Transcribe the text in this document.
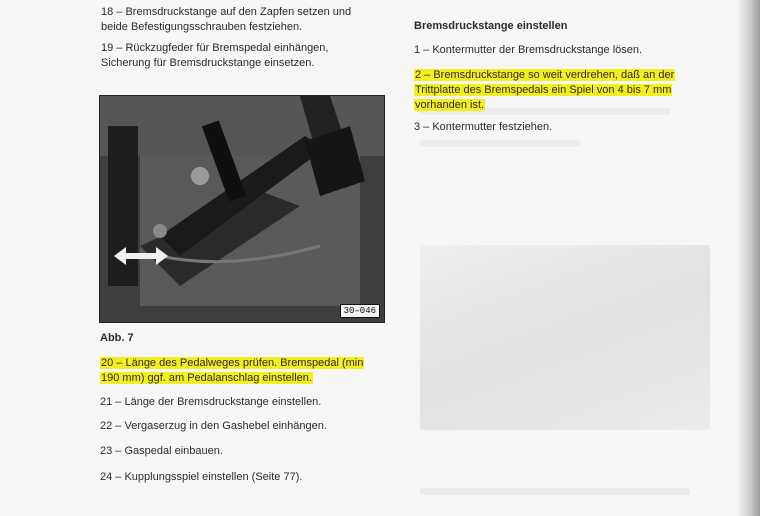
18 – Bremsdruckstange auf den Zapfen setzen und beide Befestigungsschrauben festziehen.
19 – Rückzugfeder für Bremspedal einhängen, Sicherung für Bremsdruckstange einsetzen.
30–046
Abb. 7
20 – Länge des Pedalweges prüfen. Bremspedal (min 190 mm) ggf. am Pedalanschlag einstellen.
21 – Länge der Bremsdruckstange einstellen.
22 – Vergaserzug in den Gashebel einhängen.
23 – Gaspedal einbauen.
24 – Kupplungsspiel einstellen (Seite 77).
Bremsdruckstange einstellen
1 – Kontermutter der Bremsdruckstange lösen.
2 – Bremsdruckstange so weit verdrehen, daß an der Trittplatte des Bremspedals ein Spiel von 4 bis 7 mm vorhanden ist.
3 – Kontermutter festziehen.
